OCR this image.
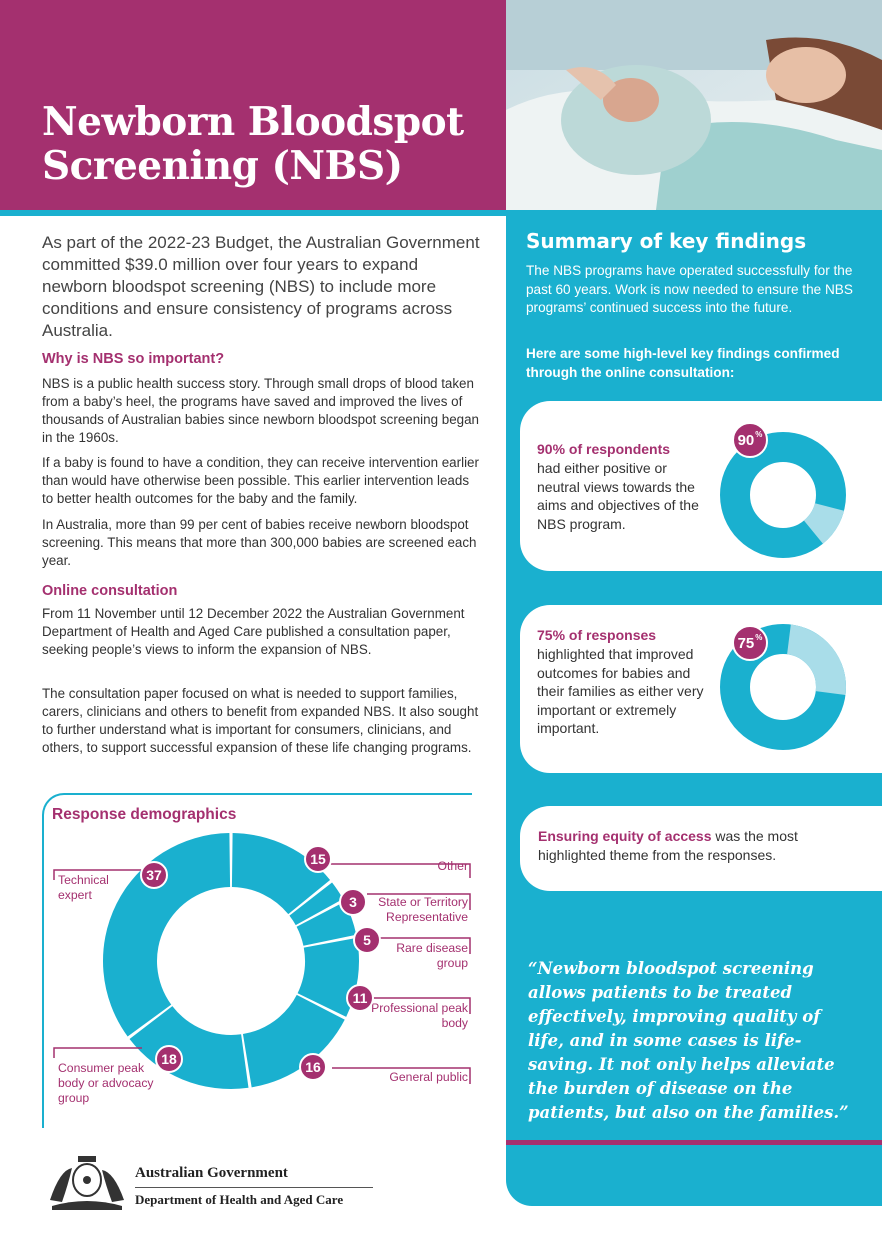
Newborn Bloodspot
Screening (NBS)

As part of the 2022-23 Budget, the Australian Government committed $39.0 million over four years to expand newborn bloodspot screening (NBS) to include more conditions and ensure consistency of programs across Australia.

Why is NBS so important?

NBS is a public health success story. Through small drops of blood taken from a baby’s heel, the programs have saved and improved the lives of thousands of Australian babies since newborn bloodspot screening began in the 1960s.

If a baby is found to have a condition, they can receive intervention earlier than would have otherwise been possible. This earlier intervention leads to better health outcomes for the baby and the family.

In Australia, more than 99 per cent of babies receive newborn bloodspot screening. This means that more than 300,000 babies are screened each year.

Online consultation

From 11 November until 12 December 2022 the Australian Government Department of Health and Aged Care published a consultation paper, seeking people’s views to inform the expansion of NBS.

The consultation paper focused on what is needed to support families, carers, clinicians and others to benefit from expanded NBS. It also sought to further understand what is important for consumers, clinicians, and others, to support successful expansion of these life changing programs.

Summary of key findings

The NBS programs have operated successfully for the past 60 years. Work is now needed to ensure the NBS programs’ continued success into the future.

Here are some high-level key findings confirmed through the online consultation:

90% of respondents

had either positive or neutral views towards the aims and objectives of the NBS program.

90%
75% of responses

highlighted that improved outcomes for babies and their families as either very important or extremely important.

75%

Ensuring equity of access was the most highlighted theme from the responses.

“Newborn bloodspot screening allows patients to be treated effectively, improving quality of life, and in some cases is life-saving. It not only helps alleviate the burden of disease on the patients, but also on the families.”

Response demographics
Technical expert
Other
State or Territory Representative
Rare disease group
Professional peak body
General public
Consumer peak body or advocacy group
37
15
3
5
11
16
18
Australian Government
Department of Health and Aged Care
